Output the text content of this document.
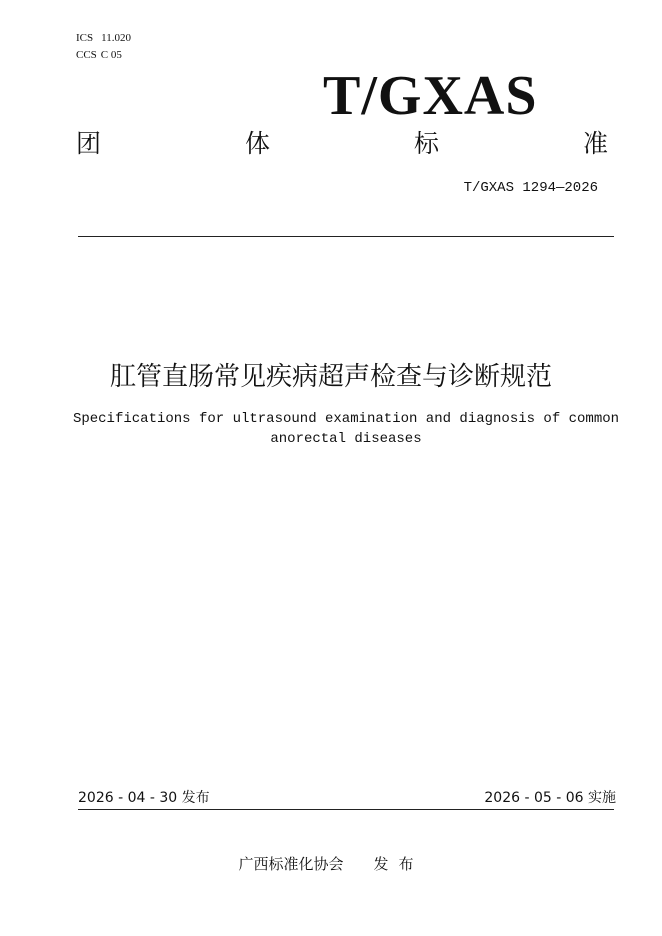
ICS 11.020
CCS C 05
T/GXAS
团	体	标	准
T/GXAS 1294—2026
肛管直肠常见疾病超声检查与诊断规范
Specifications for ultrasound examination and diagnosis of common anorectal diseases
2026 - 04 - 30 发布	2026 - 05 - 06 实施
广西标准化协会 发布
